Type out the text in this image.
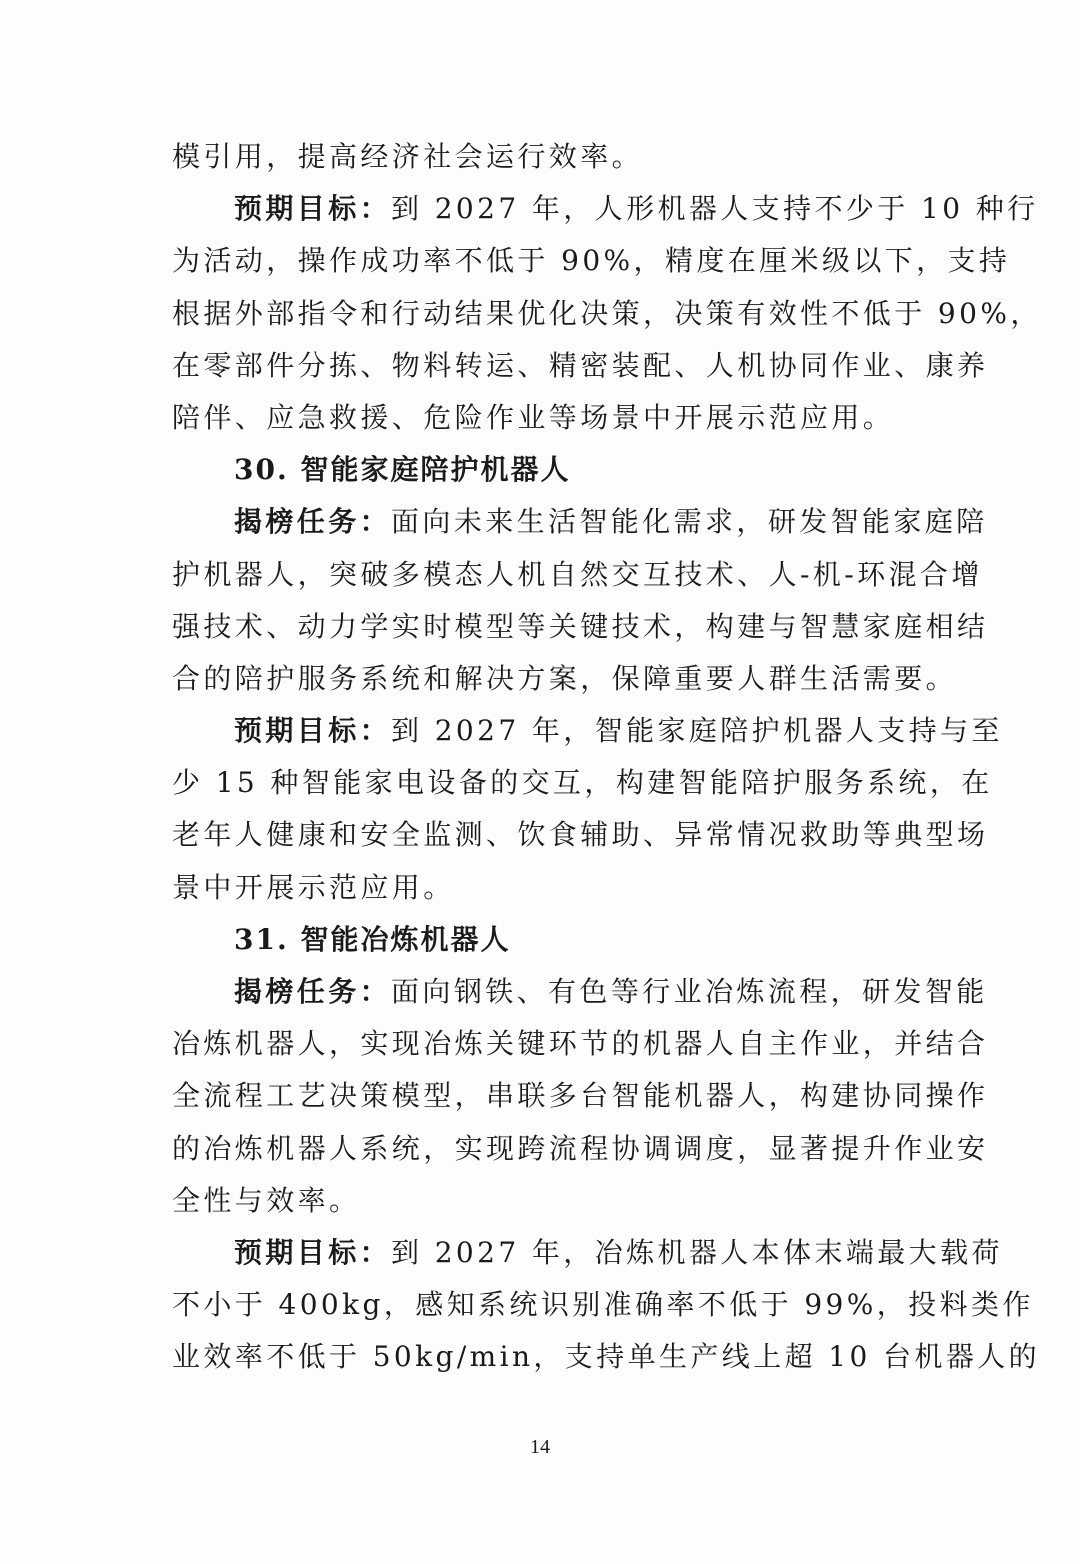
模引用，提高经济社会运行效率。
预期目标：到 2027 年，人形机器人支持不少于 10 种行
为活动，操作成功率不低于 90%，精度在厘米级以下，支持
根据外部指令和行动结果优化决策，决策有效性不低于 90%，
在零部件分拣、物料转运、精密装配、人机协同作业、康养
陪伴、应急救援、危险作业等场景中开展示范应用。
30. 智能家庭陪护机器人
揭榜任务：面向未来生活智能化需求，研发智能家庭陪
护机器人，突破多模态人机自然交互技术、人-机-环混合增
强技术、动力学实时模型等关键技术，构建与智慧家庭相结
合的陪护服务系统和解决方案，保障重要人群生活需要。
预期目标：到 2027 年，智能家庭陪护机器人支持与至
少 15 种智能家电设备的交互，构建智能陪护服务系统，在
老年人健康和安全监测、饮食辅助、异常情况救助等典型场
景中开展示范应用。
31. 智能冶炼机器人
揭榜任务：面向钢铁、有色等行业冶炼流程，研发智能
冶炼机器人，实现冶炼关键环节的机器人自主作业，并结合
全流程工艺决策模型，串联多台智能机器人，构建协同操作
的冶炼机器人系统，实现跨流程协调调度，显著提升作业安
全性与效率。
预期目标：到 2027 年，冶炼机器人本体末端最大载荷
不小于 400kg，感知系统识别准确率不低于 99%，投料类作
业效率不低于 50kg/min，支持单生产线上超 10 台机器人的
14
